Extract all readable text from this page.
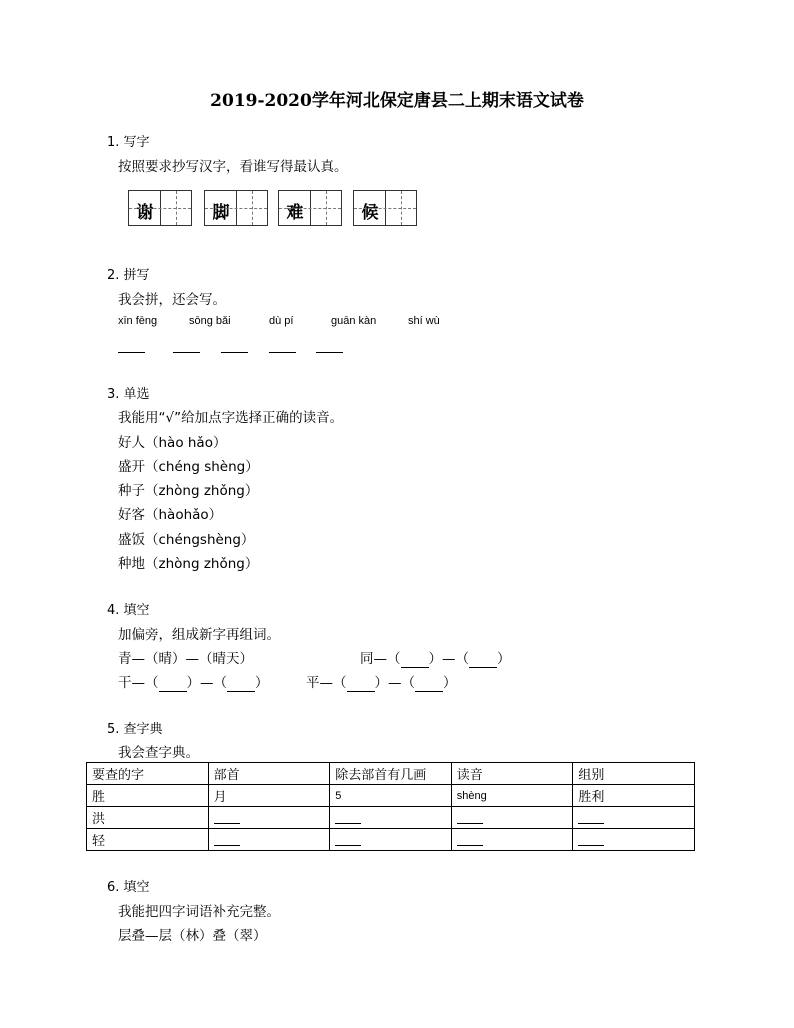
2019-2020学年河北保定唐县二上期末语文试卷
1. 写字
按照要求抄写汉字，看谁写得最认真。
谢	脚	难	候
2. 拼写
我会拼，还会写。
xīn fēng	sōng bǎi	dù pí	guān kàn	shí wù
3. 单选
我能用“√”给加点字选择正确的读音。
好人（hào hǎo）
盛开（chéng shèng）
种子（zhòng zhǒng）
好客（hàohǎo）
盛饭（chéngshèng）
种地（zhòng zhǒng）
4. 填空
加偏旁，组成新字再组词。
青—（晴）—（晴天）	同—（ ）—（ ）
干—（ ）—（ ）	平—（ ）—（ ）
5. 查字典
我会查字典。
要查的字	部首	除去部首有几画	读音	组别
胜	月	5	shèng	胜利
洪				
轻				
6. 填空
我能把四字词语补充完整。
层叠—层（林）叠（翠）
